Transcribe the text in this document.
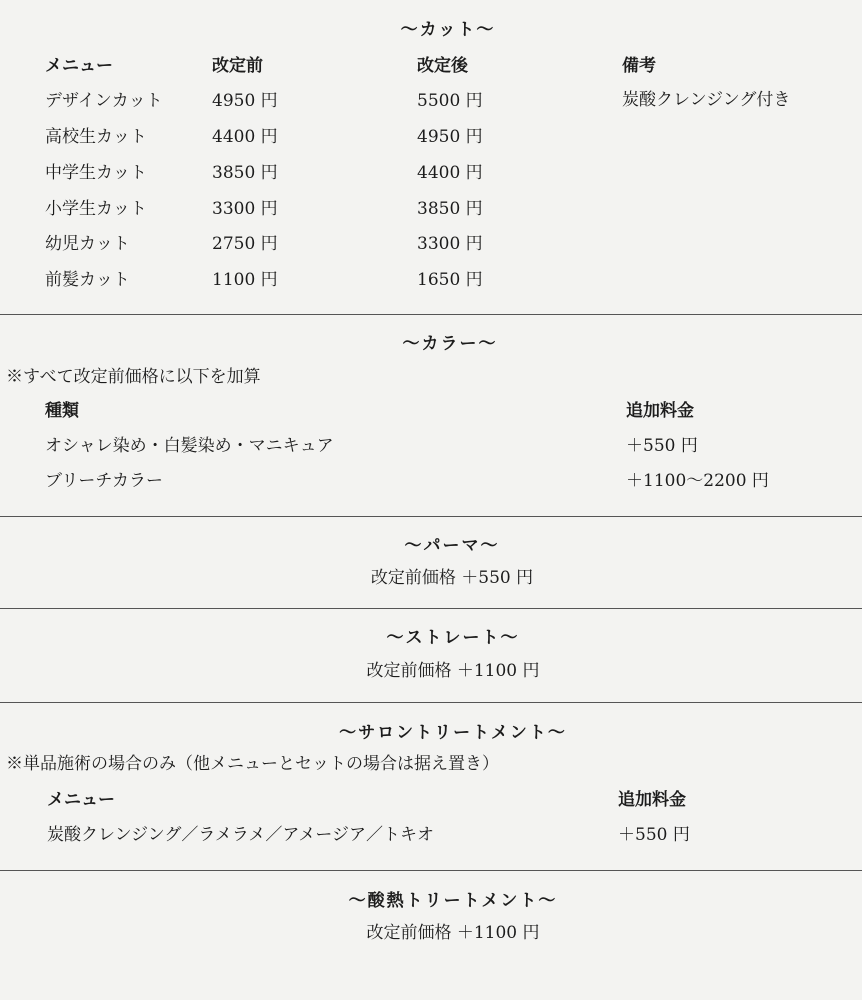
〜カット〜
メニュー	改定前	改定後	備考
デザインカット	4950 円	5500 円	炭酸クレンジング付き
高校生カット	4400 円	4950 円
中学生カット	3850 円	4400 円
小学生カット	3300 円	3850 円
幼児カット	2750 円	3300 円
前髪カット	1100 円	1650 円
〜カラー〜
※すべて改定前価格に以下を加算
種類	追加料金
オシャレ染め・白髪染め・マニキュア	＋550 円
ブリーチカラー	＋1100〜2200 円
〜パーマ〜
改定前価格 ＋550 円
〜ストレート〜
改定前価格 ＋1100 円
〜サロントリートメント〜
※単品施術の場合のみ（他メニューとセットの場合は据え置き）
メニュー	追加料金
炭酸クレンジング／ラメラメ／アメージア／トキオ	＋550 円
〜酸熱トリートメント〜
改定前価格 ＋1100 円
